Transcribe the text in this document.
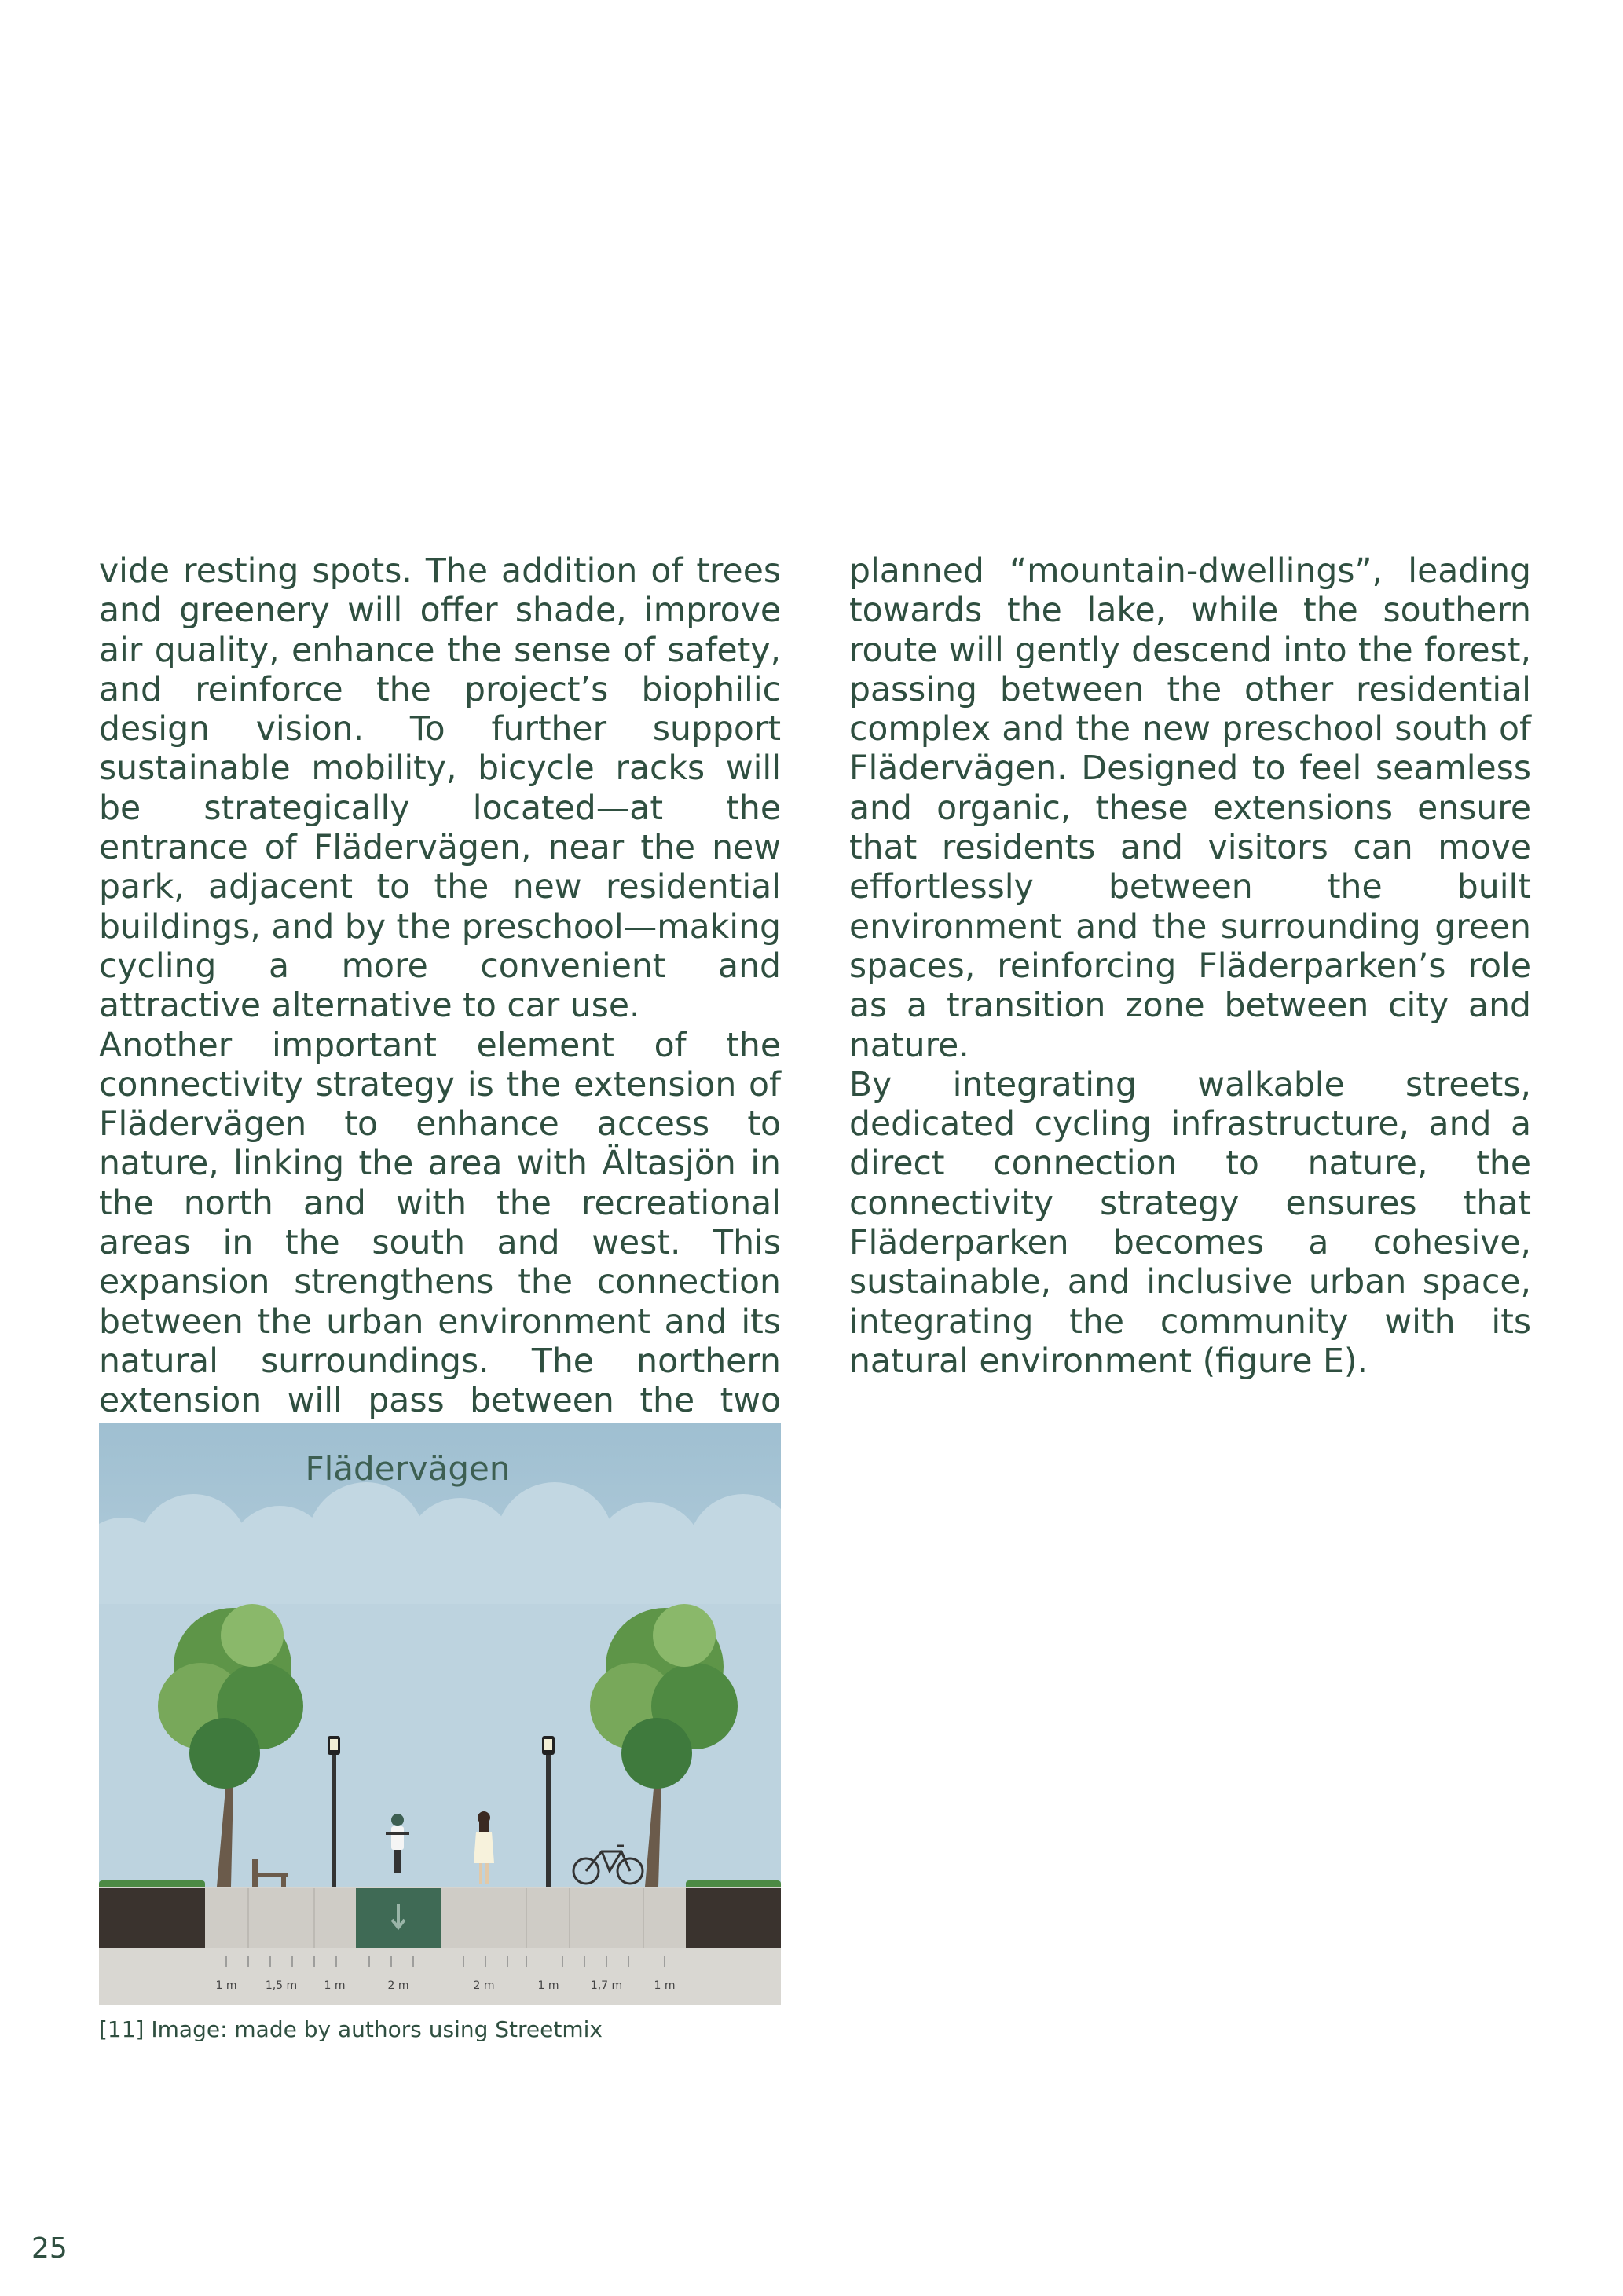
vide resting spots. The addition of trees and greenery will offer shade, improve air quality, enhance the sense of safety, and reinforce the project’s biophilic design vision. To further support sustainable mobility, bicycle racks will be strategically located—at the entrance of Flädervägen, near the new park, adjacent to the new residential buildings, and by the preschool—making cycling a more convenient and attractive alternative to car use.

Another important element of the connectivity strategy is the extension of Flädervägen to enhance access to nature, linking the area with Ältasjön in the north and with the recreational areas in the south and west. This expansion strengthens the connection between the urban environment and its natural surroundings. The northern extension will pass between the two

planned “mountain-dwellings”, leading towards the lake, while the southern route will gently descend into the forest, passing between the other residential complex and the new preschool south of Flädervägen. Designed to feel seamless and organic, these extensions ensure that residents and visitors can move effortlessly between the built environment and the surrounding green spaces, reinforcing Fläderparken’s role as a transition zone between city and nature.

By integrating walkable streets, dedicated cycling infrastructure, and a direct connection to nature, the connectivity strategy ensures that Fläderparken becomes a cohesive, sustainable, and inclusive urban space, integrating the community with its natural environment (figure E).

Flädervägen
1 m	1,5 m 1 m	2 m	2 m	1 m	1,7 m	1 m
[11] Image: made by authors using Streetmix
25
